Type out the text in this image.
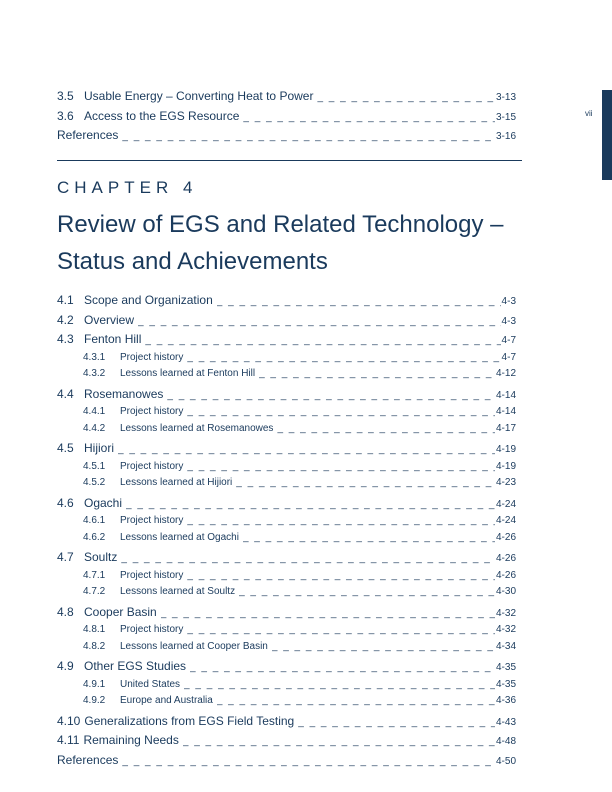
vii
3.5 Usable Energy – Converting Heat to Power _ _ _	3-13
3.6 Access to the EGS Resource _ _ _	3-15
References _ _ _	3-16
CHAPTER 4
Review of EGS and Related Technology –
Status and Achievements
4.1 Scope and Organization _ _ _	4-3
4.2 Overview _ _ _	4-3
4.3 Fenton Hill _ _ _	4-7
4.3.1	Project history _ _ _	4-7
4.3.2	Lessons learned at Fenton Hill _ _ _	4-12
4.4 Rosemanowes _ _ _	4-14
4.4.1	Project history _ _ _	4-14
4.4.2	Lessons learned at Rosemanowes _ _ _	4-17
4.5 Hijiori _ _ _	4-19
4.5.1	Project history _ _ _	4-19
4.5.2	Lessons learned at Hijiori _ _ _	4-23
4.6 Ogachi _ _ _	4-24
4.6.1	Project history _ _ _	4-24
4.6.2	Lessons learned at Ogachi _ _ _	4-26
4.7 Soultz _ _ _	4-26
4.7.1	Project history _ _ _	4-26
4.7.2	Lessons learned at Soultz _ _ _	4-30
4.8 Cooper Basin _ _ _	4-32
4.8.1	Project history _ _ _	4-32
4.8.2	Lessons learned at Cooper Basin _ _ _	4-34
4.9 Other EGS Studies _ _ _	4-35
4.9.1	United States _ _ _	4-35
4.9.2	Europe and Australia _ _ _	4-36
4.10 Generalizations from EGS Field Testing _ _ _	4-43
4.11 Remaining Needs _ _ _	4-48
References _ _ _	4-50
